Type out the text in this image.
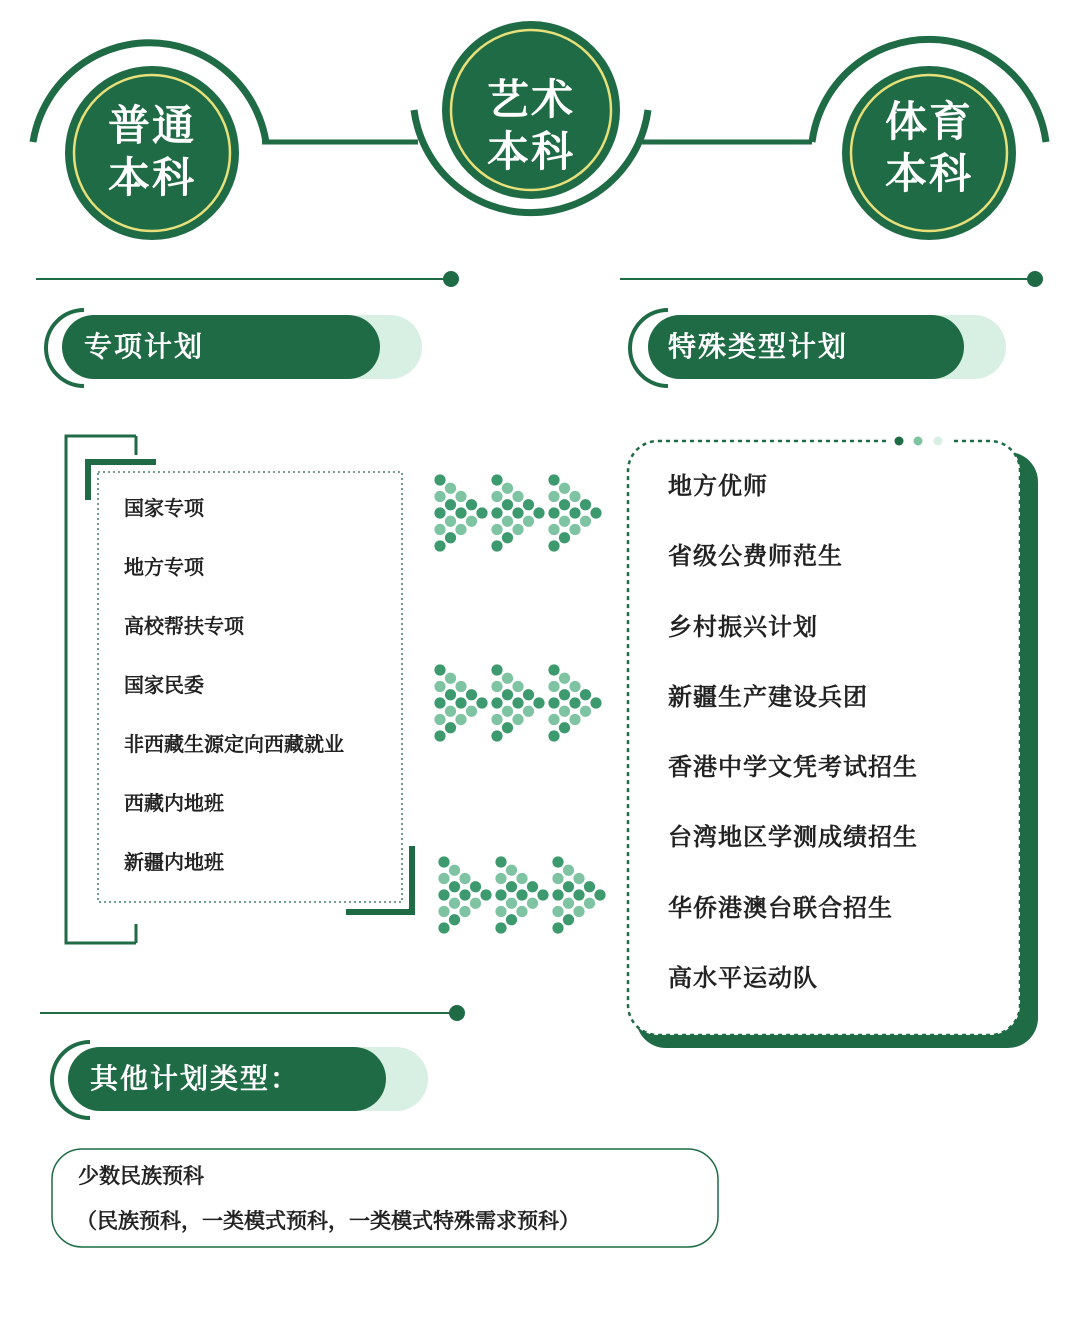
普通
本科
艺术
本科
体育
本科
专项计划	特殊类型计划
其他计划类型：
国家专项
地方专项
高校帮扶专项
国家民委
非西藏生源定向西藏就业
西藏内地班
新疆内地班
地方优师
省级公费师范生
乡村振兴计划
新疆生产建设兵团
香港中学文凭考试招生
台湾地区学测成绩招生
华侨港澳台联合招生
高水平运动队
少数民族预科
（民族预科，一类模式预科，一类模式特殊需求预科）
